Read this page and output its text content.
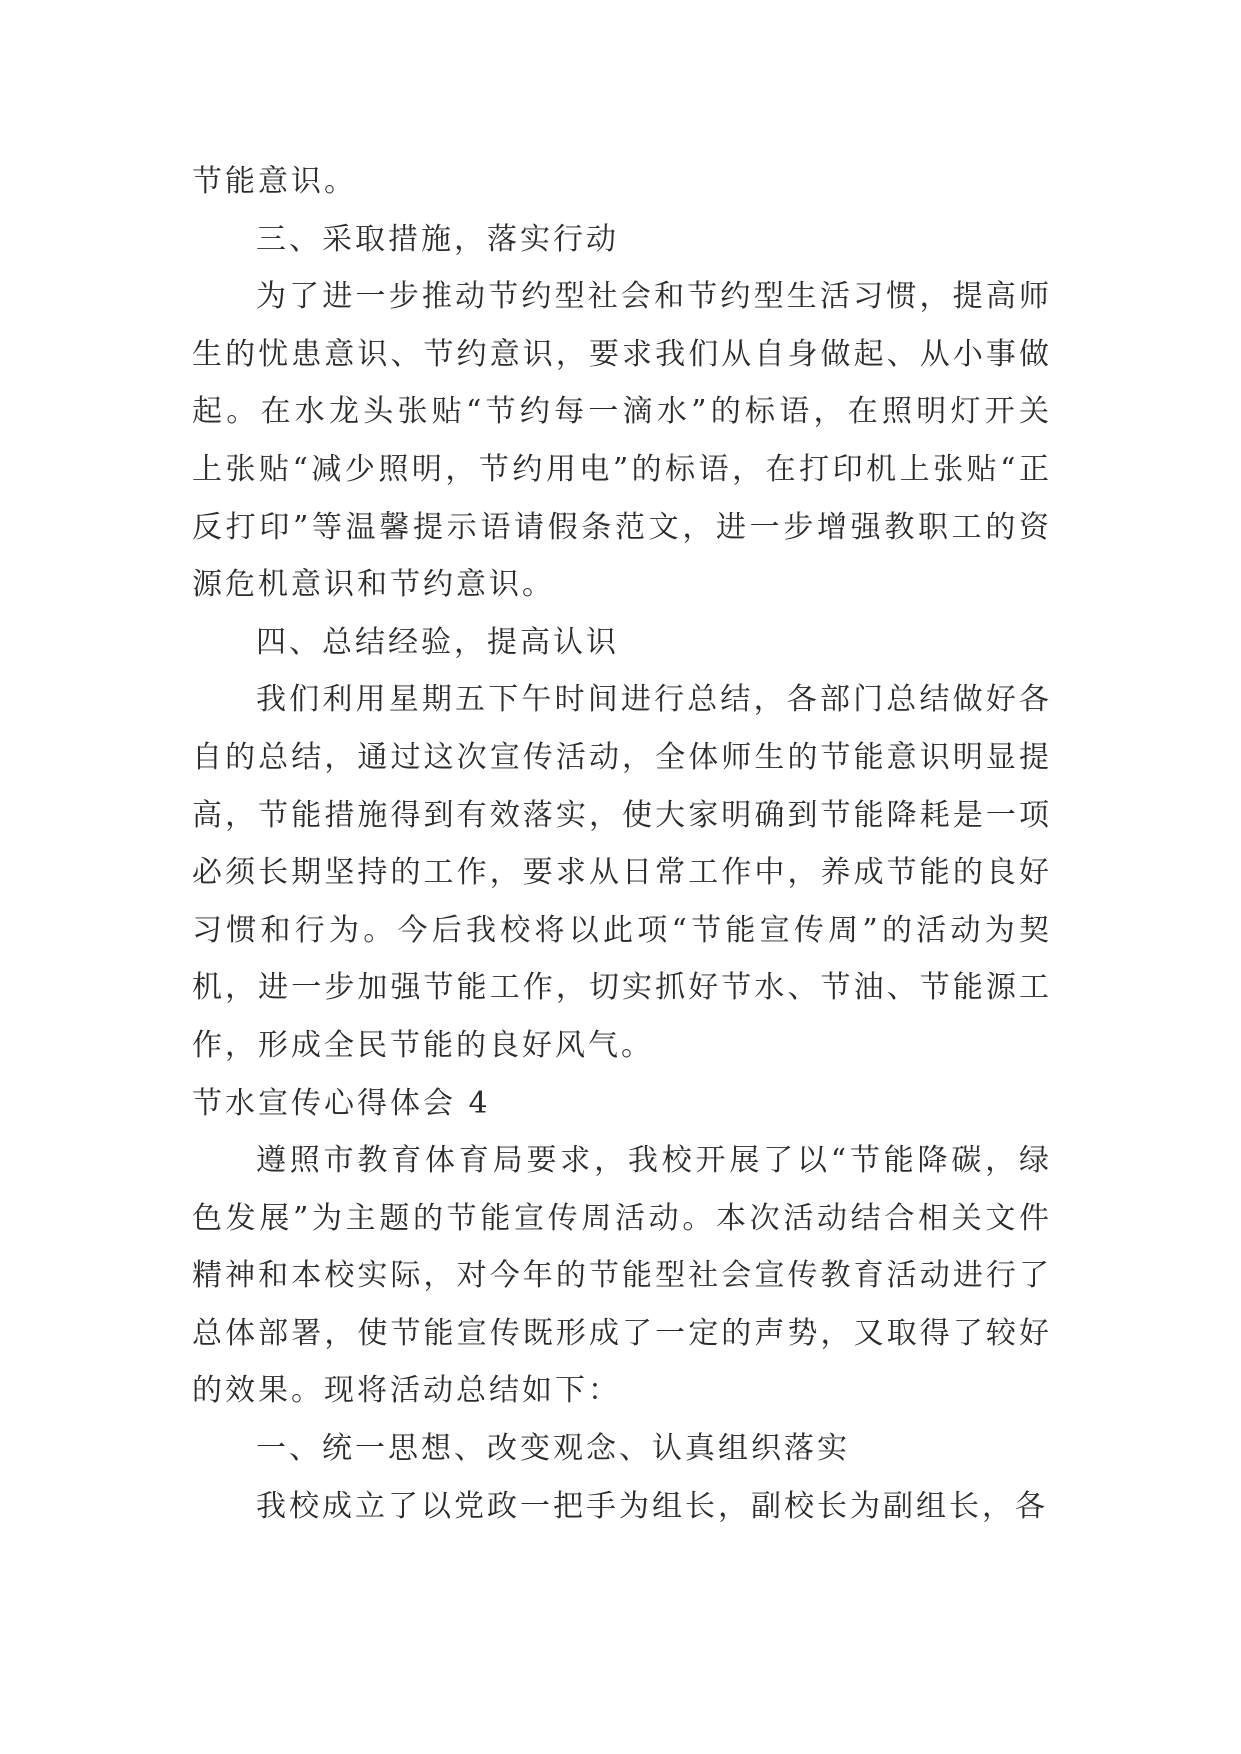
节能意识。

三、采取措施，落实行动

为了进一步推动节约型社会和节约型生活习惯，提高师生的忧患意识、节约意识，要求我们从自身做起、从小事做起。在水龙头张贴“节约每一滴水”的标语，在照明灯开关上张贴“减少照明，节约用电”的标语，在打印机上张贴“正反打印”等温馨提示语请假条范文，进一步增强教职工的资源危机意识和节约意识。

四、总结经验，提高认识

我们利用星期五下午时间进行总结，各部门总结做好各自的总结，通过这次宣传活动，全体师生的节能意识明显提高，节能措施得到有效落实，使大家明确到节能降耗是一项必须长期坚持的工作，要求从日常工作中，养成节能的良好习惯和行为。今后我校将以此项“节能宣传周”的活动为契机，进一步加强节能工作，切实抓好节水、节油、节能源工作，形成全民节能的良好风气。

节水宣传心得体会 4

遵照市教育体育局要求，我校开展了以“节能降碳，绿色发展”为主题的节能宣传周活动。本次活动结合相关文件精神和本校实际，对今年的节能型社会宣传教育活动进行了总体部署，使节能宣传既形成了一定的声势，又取得了较好的效果。现将活动总结如下：

一、统一思想、改变观念、认真组织落实

我校成立了以党政一把手为组长，副校长为副组长，各
